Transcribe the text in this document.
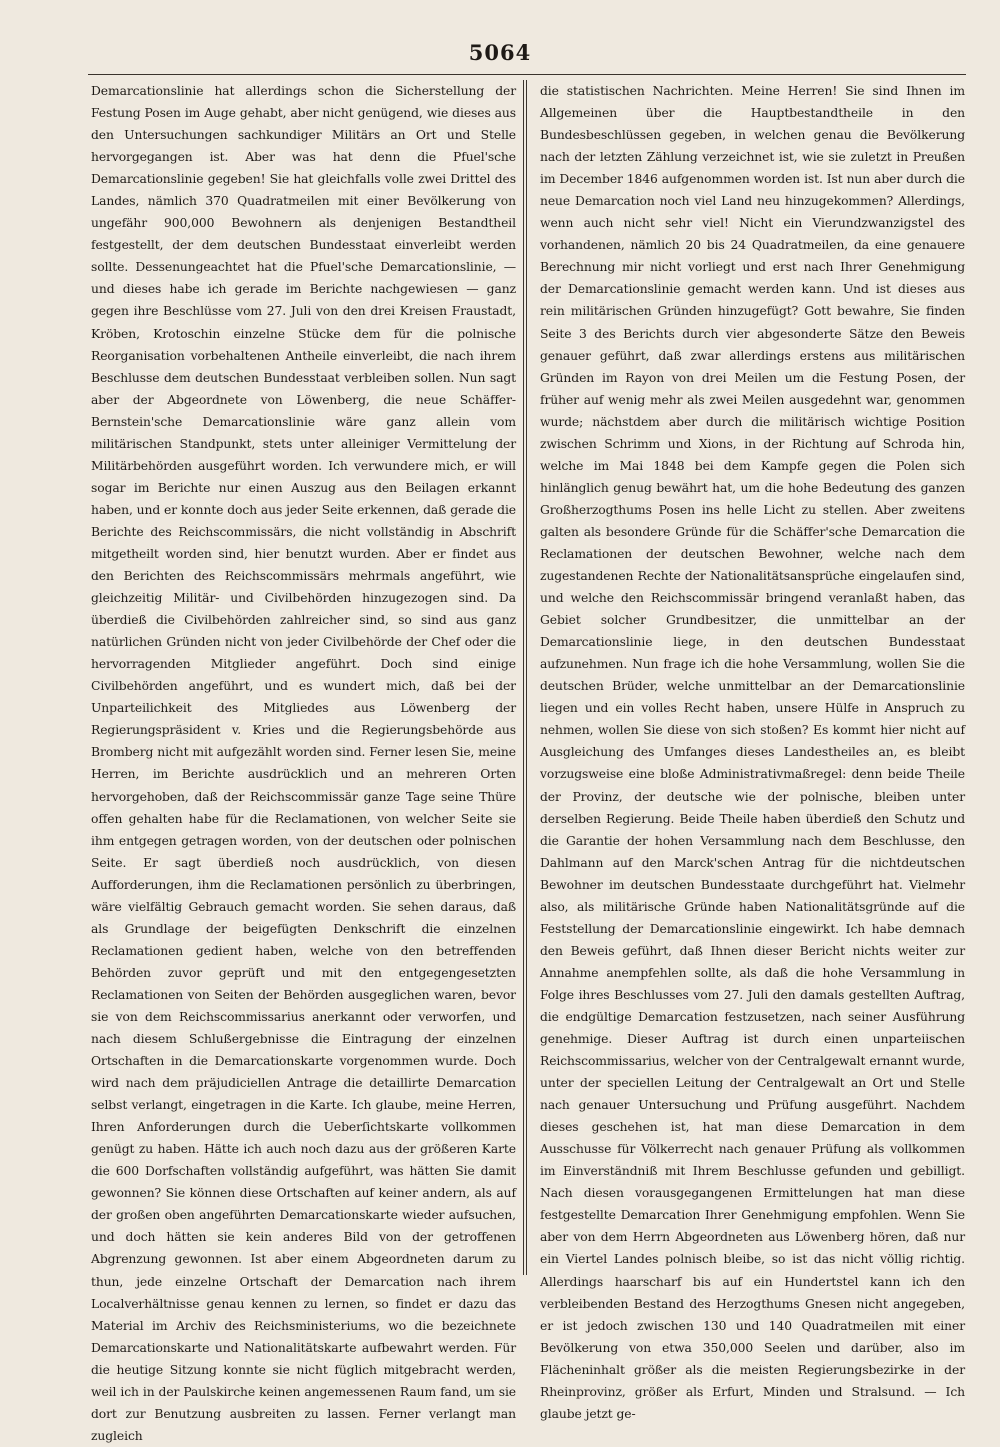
5064

Demarcationslinie hat allerdings schon die Sicherstellung der Festung Posen im Auge gehabt, aber nicht genügend, wie dieses aus den Untersuchungen sachkundiger Militärs an Ort und Stelle hervorgegangen ist. Aber was hat denn die Pfuel'sche Demarcationslinie gegeben! Sie hat gleichfalls volle zwei Drittel des Landes, nämlich 370 Quadratmeilen mit einer Bevölkerung von ungefähr 900,000 Bewohnern als denjenigen Bestandtheil festgestellt, der dem deutschen Bundesstaat einverleibt werden sollte. Dessenungeachtet hat die Pfuel'sche Demarcationslinie, — und dieses habe ich gerade im Berichte nachgewiesen — ganz gegen ihre Beschlüsse vom 27. Juli von den drei Kreisen Fraustadt, Kröben, Krotoschin einzelne Stücke dem für die polnische Reorganisation vorbehaltenen Antheile einverleibt, die nach ihrem Beschlusse dem deutschen Bundesstaat verbleiben sollen. Nun sagt aber der Abgeordnete von Löwenberg, die neue Schäffer-Bernstein'sche Demarcationslinie wäre ganz allein vom militärischen Standpunkt, stets unter alleiniger Vermittelung der Militärbehörden ausgeführt worden. Ich verwundere mich, er will sogar im Berichte nur einen Auszug aus den Beilagen erkannt haben, und er konnte doch aus jeder Seite erkennen, daß gerade die Berichte des Reichscommissärs, die nicht vollständig in Abschrift mitgetheilt worden sind, hier benutzt wurden. Aber er findet aus den Berichten des Reichscommissärs mehrmals angeführt, wie gleichzeitig Militär- und Civilbehörden hinzugezogen sind. Da überdieß die Civilbehörden zahlreicher sind, so sind aus ganz natürlichen Gründen nicht von jeder Civilbehörde der Chef oder die hervorragenden Mitglieder angeführt. Doch sind einige Civilbehörden angeführt, und es wundert mich, daß bei der Unparteilichkeit des Mitgliedes aus Löwenberg der Regierungspräsident v. Kries und die Regierungsbehörde aus Bromberg nicht mit aufgezählt worden sind. Ferner lesen Sie, meine Herren, im Berichte ausdrücklich und an mehreren Orten hervorgehoben, daß der Reichscommissär ganze Tage seine Thüre offen gehalten habe für die Reclamationen, von welcher Seite sie ihm entgegen getragen worden, von der deutschen oder polnischen Seite. Er sagt überdieß noch ausdrücklich, von diesen Aufforderungen, ihm die Reclamationen persönlich zu überbringen, wäre vielfältig Gebrauch gemacht worden. Sie sehen daraus, daß als Grundlage der beigefügten Denkschrift die einzelnen Reclamationen gedient haben, welche von den betreffenden Behörden zuvor geprüft und mit den entgegengesetzten Reclamationen von Seiten der Behörden ausgeglichen waren, bevor sie von dem Reichscommissarius anerkannt oder verworfen, und nach diesem Schlußergebnisse die Eintragung der einzelnen Ortschaften in die Demarcationskarte vorgenommen wurde. Doch wird nach dem präjudiciellen Antrage die detaillirte Demarcation selbst verlangt, eingetragen in die Karte. Ich glaube, meine Herren, Ihren Anforderungen durch die Ueberſichtskarte vollkommen genügt zu haben. Hätte ich auch noch dazu aus der größeren Karte die 600 Dorfschaften vollständig aufgeführt, was hätten Sie damit gewonnen? Sie können diese Ortschaften auf keiner andern, als auf der großen oben angeführten Demarcationskarte wieder aufsuchen, und doch hätten sie kein anderes Bild von der getroffenen Abgrenzung gewonnen. Ist aber einem Abgeordneten darum zu thun, jede einzelne Ortschaft der Demarcation nach ihrem Localverhältnisse genau kennen zu lernen, so findet er dazu das Material im Archiv des Reichsministeriums, wo die bezeichnete Demarcationskarte und Nationalitätskarte aufbewahrt werden. Für die heutige Sitzung konnte sie nicht füglich mitgebracht werden, weil ich in der Paulskirche keinen angemessenen Raum fand, um sie dort zur Benutzung ausbreiten zu lassen. Ferner verlangt man zugleich

die statistischen Nachrichten. Meine Herren! Sie sind Ihnen im Allgemeinen über die Hauptbestandtheile in den Bundesbeschlüssen gegeben, in welchen genau die Bevölkerung nach der letzten Zählung verzeichnet ist, wie sie zuletzt in Preußen im December 1846 aufgenommen worden ist. Ist nun aber durch die neue Demarcation noch viel Land neu hinzugekommen? Allerdings, wenn auch nicht sehr viel! Nicht ein Vierundzwanzigstel des vorhandenen, nämlich 20 bis 24 Quadratmeilen, da eine genauere Berechnung mir nicht vorliegt und erst nach Ihrer Genehmigung der Demarcationslinie gemacht werden kann. Und ist dieses aus rein militärischen Gründen hinzugefügt? Gott bewahre, Sie finden Seite 3 des Berichts durch vier abgesonderte Sätze den Beweis genauer geführt, daß zwar allerdings erstens aus militärischen Gründen im Rayon von drei Meilen um die Festung Posen, der früher auf wenig mehr als zwei Meilen ausgedehnt war, genommen wurde; nächstdem aber durch die militärisch wichtige Position zwischen Schrimm und Xions, in der Richtung auf Schroda hin, welche im Mai 1848 bei dem Kampfe gegen die Polen sich hinlänglich genug bewährt hat, um die hohe Bedeutung des ganzen Großherzogthums Posen ins helle Licht zu stellen. Aber zweitens galten als besondere Gründe für die Schäffer'sche Demarcation die Reclamationen der deutschen Bewohner, welche nach dem zugestandenen Rechte der Nationalitätsansprüche eingelaufen sind, und welche den Reichscommissär bringend veranlaßt haben, das Gebiet solcher Grundbesitzer, die unmittelbar an der Demarcationslinie liege, in den deutschen Bundesstaat aufzunehmen. Nun frage ich die hohe Versammlung, wollen Sie die deutschen Brüder, welche unmittelbar an der Demarcationslinie liegen und ein volles Recht haben, unsere Hülfe in Anspruch zu nehmen, wollen Sie diese von sich stoßen? Es kommt hier nicht auf Ausgleichung des Umfanges dieses Landestheiles an, es bleibt vorzugsweise eine bloße Administrativmaßregel: denn beide Theile der Provinz, der deutsche wie der polnische, bleiben unter derselben Regierung. Beide Theile haben überdieß den Schutz und die Garantie der hohen Versammlung nach dem Beschlusse, den Dahlmann auf den Marck'schen Antrag für die nichtdeutschen Bewohner im deutschen Bundesstaate durchgeführt hat. Vielmehr also, als militärische Gründe haben Nationalitätsgründe auf die Feststellung der Demarcationslinie eingewirkt. Ich habe demnach den Beweis geführt, daß Ihnen dieser Bericht nichts weiter zur Annahme anempfehlen sollte, als daß die hohe Versammlung in Folge ihres Beschlusses vom 27. Juli den damals gestellten Auftrag, die endgültige Demarcation festzusetzen, nach seiner Ausführung genehmige. Dieser Auftrag ist durch einen unparteiischen Reichscommissarius, welcher von der Centralgewalt ernannt wurde, unter der speciellen Leitung der Centralgewalt an Ort und Stelle nach genauer Untersuchung und Prüfung ausgeführt. Nachdem dieses geschehen ist, hat man diese Demarcation in dem Ausschusse für Völkerrecht nach genauer Prüfung als vollkommen im Einverständniß mit Ihrem Beschlusse gefunden und gebilligt. Nach diesen vorausgegangenen Ermittelungen hat man diese festgestellte Demarcation Ihrer Genehmigung empfohlen. Wenn Sie aber von dem Herrn Abgeordneten aus Löwenberg hören, daß nur ein Viertel Landes polnisch bleibe, so ist das nicht völlig richtig. Allerdings haarscharf bis auf ein Hundertstel kann ich den verbleibenden Bestand des Herzogthums Gnesen nicht angegeben, er ist jedoch zwischen 130 und 140 Quadratmeilen mit einer Bevölkerung von etwa 350,000 Seelen und darüber, also im Flächeninhalt größer als die meisten Regierungsbezirke in der Rheinprovinz, größer als Erfurt, Minden und Stralsund. — Ich glaube jetzt ge-
